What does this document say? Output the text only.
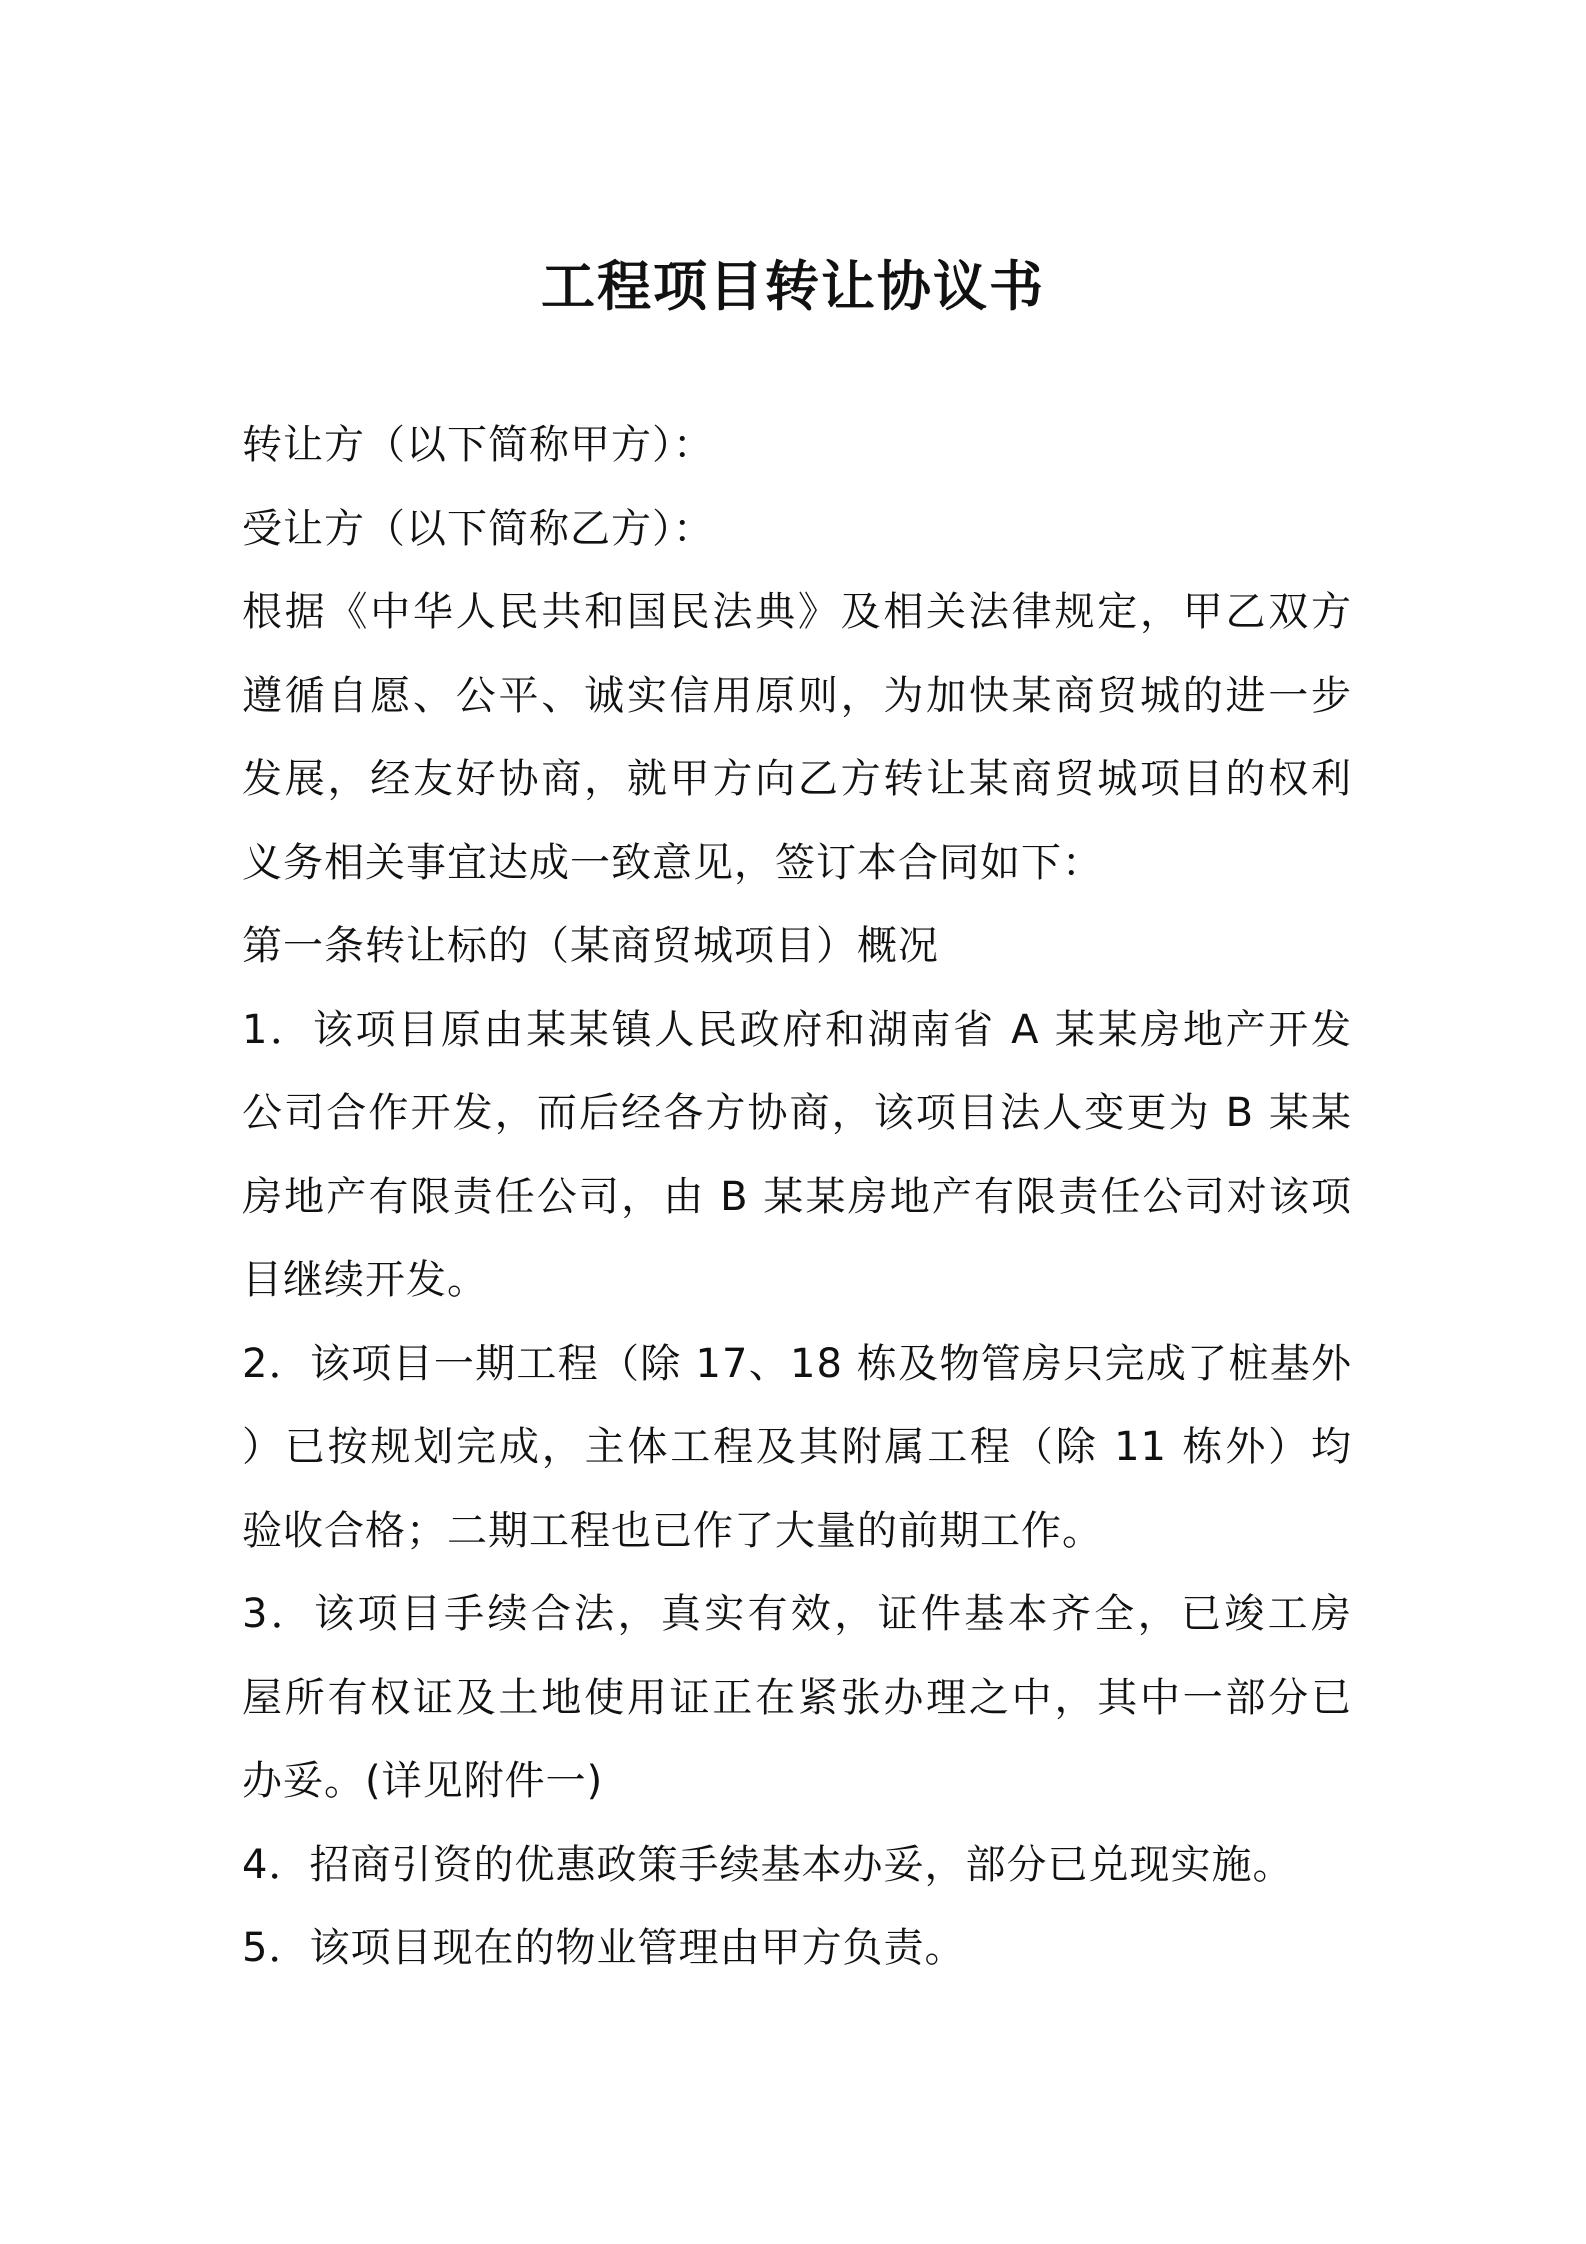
工程项目转让协议书
转让方（以下简称甲方）：
受让方（以下简称乙方）：
根据《中华人民共和国民法典》及相关法律规定，甲乙双方
遵循自愿、公平、诚实信用原则，为加快某商贸城的进一步
发展，经友好协商，就甲方向乙方转让某商贸城项目的权利
义务相关事宜达成一致意见，签订本合同如下：
第一条转让标的（某商贸城项目）概况
1．该项目原由某某镇人民政府和湖南省 A 某某房地产开发
公司合作开发，而后经各方协商，该项目法人变更为 B 某某
房地产有限责任公司，由 B 某某房地产有限责任公司对该项
目继续开发。
2．该项目一期工程（除 17、18 栋及物管房只完成了桩基外
）已按规划完成，主体工程及其附属工程（除 11 栋外）均
验收合格；二期工程也已作了大量的前期工作。
3．该项目手续合法，真实有效，证件基本齐全，已竣工房
屋所有权证及土地使用证正在紧张办理之中，其中一部分已
办妥。(详见附件一)
4．招商引资的优惠政策手续基本办妥，部分已兑现实施。
5．该项目现在的物业管理由甲方负责。
